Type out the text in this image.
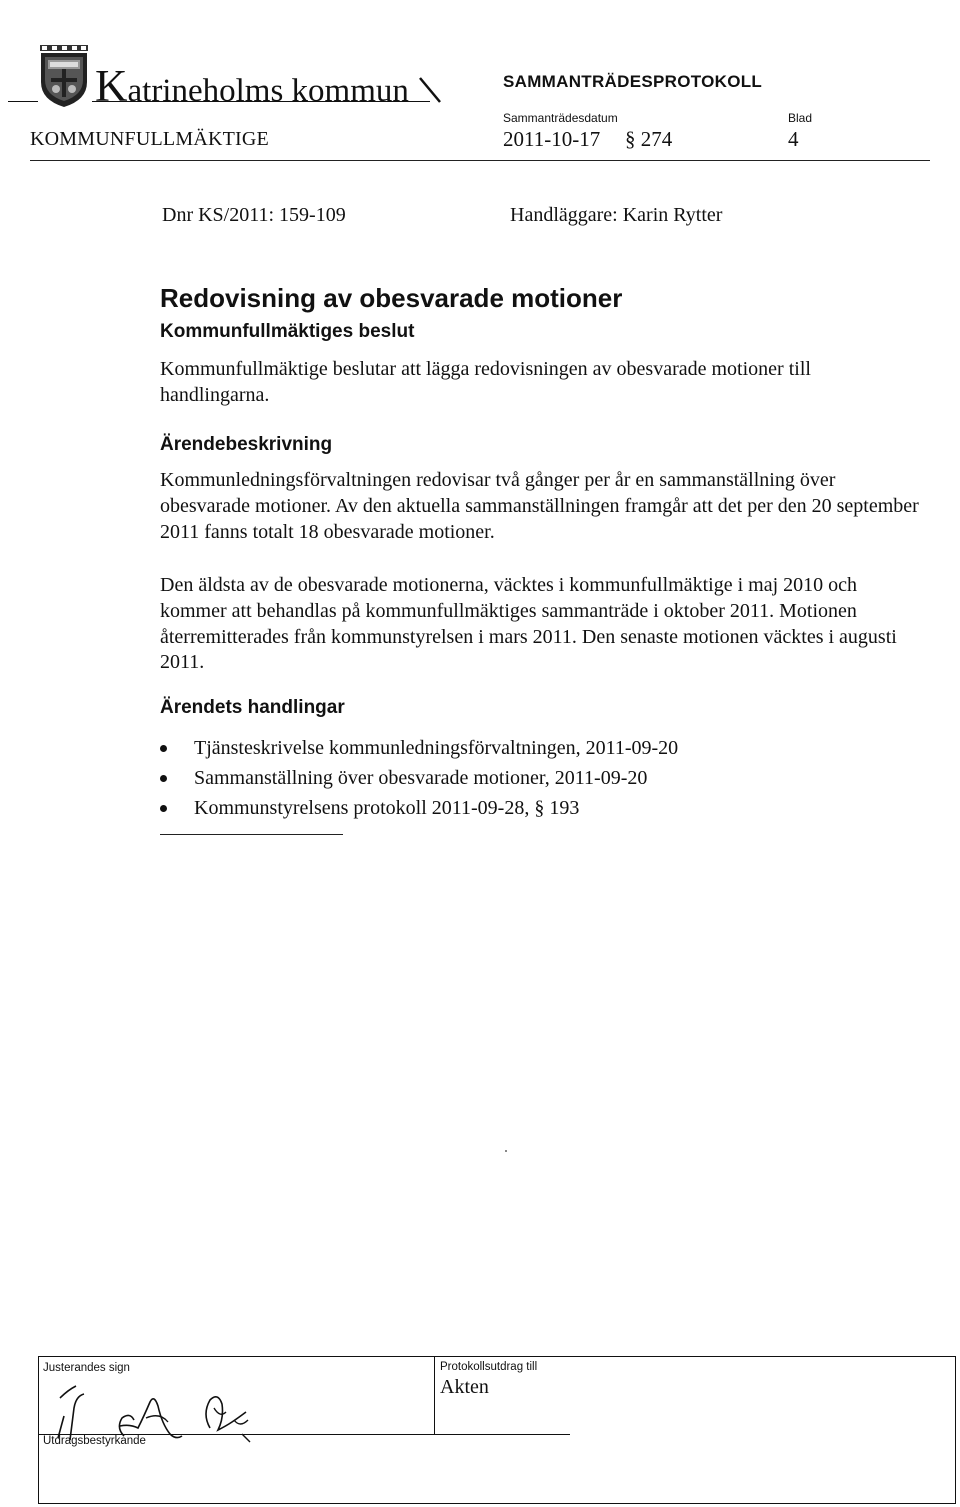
Katrineholms kommun	SAMMANTRÄDESPROTOKOLL
Sammanträdesdatum	Blad
KOMMUNFULLMÄKTIGE	2011-10-17 § 274	4
Dnr KS/2011: 159-109	Handläggare: Karin Rytter
Redovisning av obesvarade motioner
Kommunfullmäktiges beslut
Kommunfullmäktige beslutar att lägga redovisningen av obesvarade motioner till handlingarna.
Ärendebeskrivning
Kommunledningsförvaltningen redovisar två gånger per år en sammanställning över obesvarade motioner. Av den aktuella sammanställningen framgår att det per den 20 september 2011 fanns totalt 18 obesvarade motioner.
Den äldsta av de obesvarade motionerna, väcktes i kommunfullmäktige i maj 2010 och kommer att behandlas på kommunfullmäktiges sammanträde i oktober 2011. Motionen återremitterades från kommunstyrelsen i mars 2011. Den senaste motionen väcktes i augusti 2011.
Ärendets handlingar
Tjänsteskrivelse kommunledningsförvaltningen, 2011-09-20
Sammanställning över obesvarade motioner, 2011-09-20
Kommunstyrelsens protokoll 2011-09-28, § 193
Justerandes sign
Utdragsbestyrkande
Protokollsutdrag till
Akten
